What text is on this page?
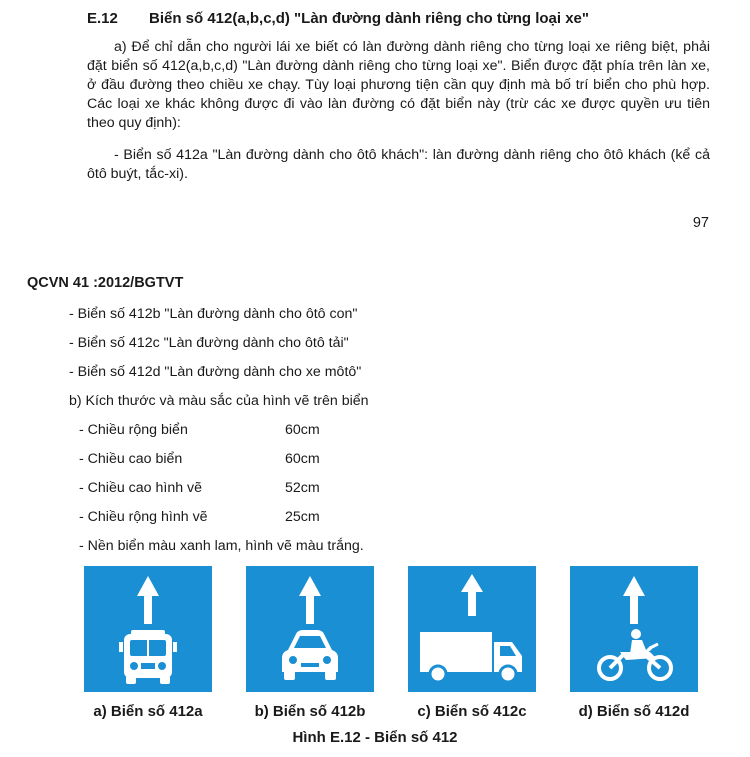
E.12 Biển số 412(a,b,c,d) "Làn đường dành riêng cho từng loại xe"
a) Để chỉ dẫn cho người lái xe biết có làn đường dành riêng cho từng loại xe riêng biệt, phải đặt biển số 412(a,b,c,d) "Làn đường dành riêng cho từng loại xe". Biển được đặt phía trên làn xe, ở đầu đường theo chiều xe chạy. Tùy loại phương tiện cần quy định mà bố trí biển cho phù hợp. Các loại xe khác không được đi vào làn đường có đặt biển này (trừ các xe được quyền ưu tiên theo quy định):
- Biển số 412a "Làn đường dành cho ôtô khách": làn đường dành riêng cho ôtô khách (kể cả ôtô buýt, tắc-xi).
97
QCVN 41 :2012/BGTVT
- Biển số 412b "Làn đường dành cho ôtô con"
- Biển số 412c "Làn đường dành cho ôtô tải"
- Biển số 412d "Làn đường dành cho xe môtô"
b) Kích thước và màu sắc của hình vẽ trên biển
- Chiều rộng biển	60cm
- Chiều cao biển	60cm
- Chiều cao hình vẽ	52cm
- Chiều rộng hình vẽ	25cm
- Nền biển màu xanh lam, hình vẽ màu trắng.
a) Biển số 412a	b) Biển số 412b	c) Biển số 412c	d) Biển số 412d
Hình E.12 - Biển số 412
